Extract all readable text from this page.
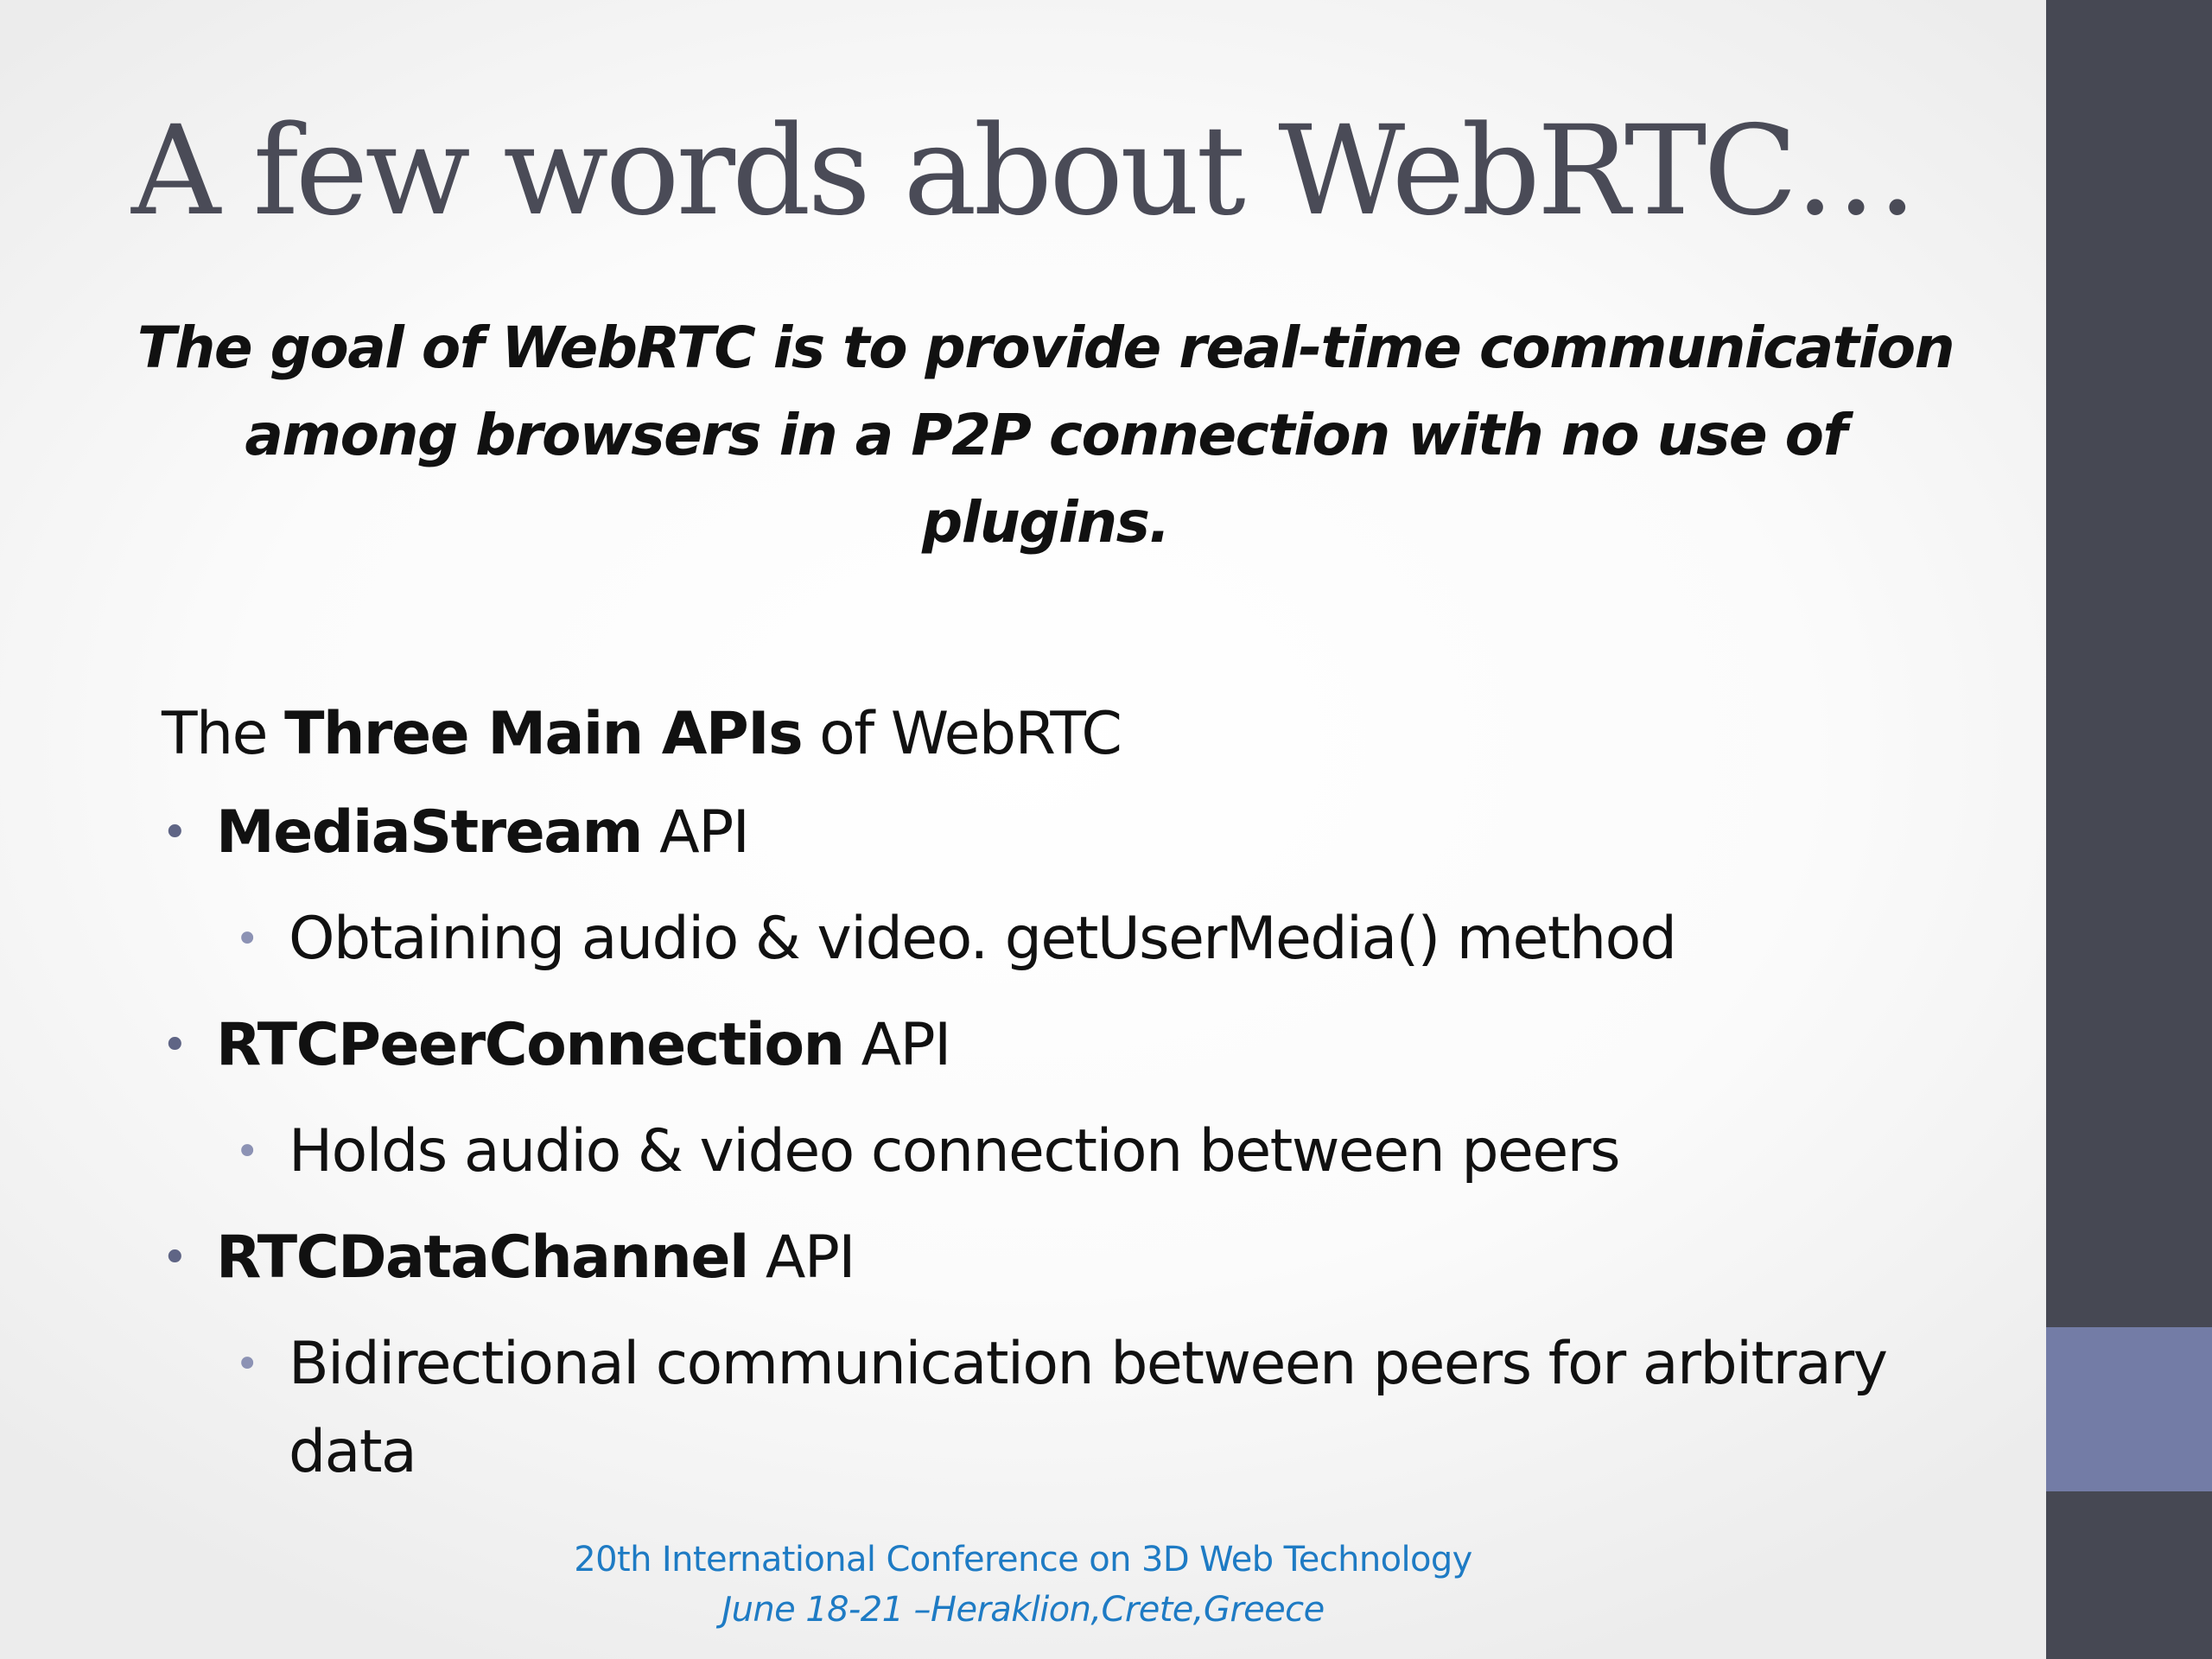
A few words about WebRTC…

The goal of WebRTC is to provide real-time communication among browsers in a P2P connection with no use of plugins.

The Three Main APIs of WebRTC

• MediaStream API
• Obtaining audio & video. getUserMedia() method
• RTCPeerConnection API
• Holds audio & video connection between peers
• RTCDataChannel API
• Bidirectional communication between peers for arbitrary data
20th International Conference on 3D Web Technology
June 18-21 –Heraklion,Crete,Greece
